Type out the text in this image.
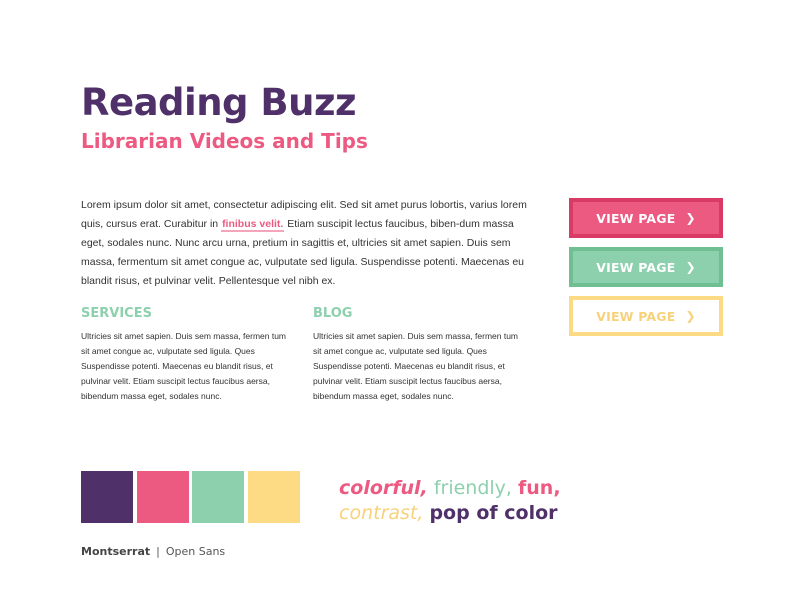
Reading Buzz
Librarian Videos and Tips

Lorem ipsum dolor sit amet, consectetur adipiscing elit. Sed sit amet purus lobortis, varius lorem quis, cursus erat. Curabitur in finibus velit. Etiam suscipit lectus faucibus, biben-dum massa eget, sodales nunc. Nunc arcu urna, pretium in sagittis et, ultricies sit amet sapien. Duis sem massa, fermentum sit amet congue ac, vulputate sed ligula. Suspendisse potenti. Maecenas eu blandit risus, et pulvinar velit. Pellentesque vel nibh ex.

SERVICES

Ultricies sit amet sapien. Duis sem massa, fermen tum sit amet congue ac, vulputate sed ligula. Ques Suspendisse potenti. Maecenas eu blandit risus, et pulvinar velit. Etiam suscipit lectus faucibus aersa, bibendum massa eget, sodales nunc.

BLOG

Ultricies sit amet sapien. Duis sem massa, fermen tum sit amet congue ac, vulputate sed ligula. Ques Suspendisse potenti. Maecenas eu blandit risus, et pulvinar velit. Etiam suscipit lectus faucibus aersa, bibendum massa eget, sodales nunc.

VIEW PAGE ❯
VIEW PAGE ❯
VIEW PAGE ❯

colorful, friendly, fun,
contrast, pop of color

Montserrat | Open Sans
